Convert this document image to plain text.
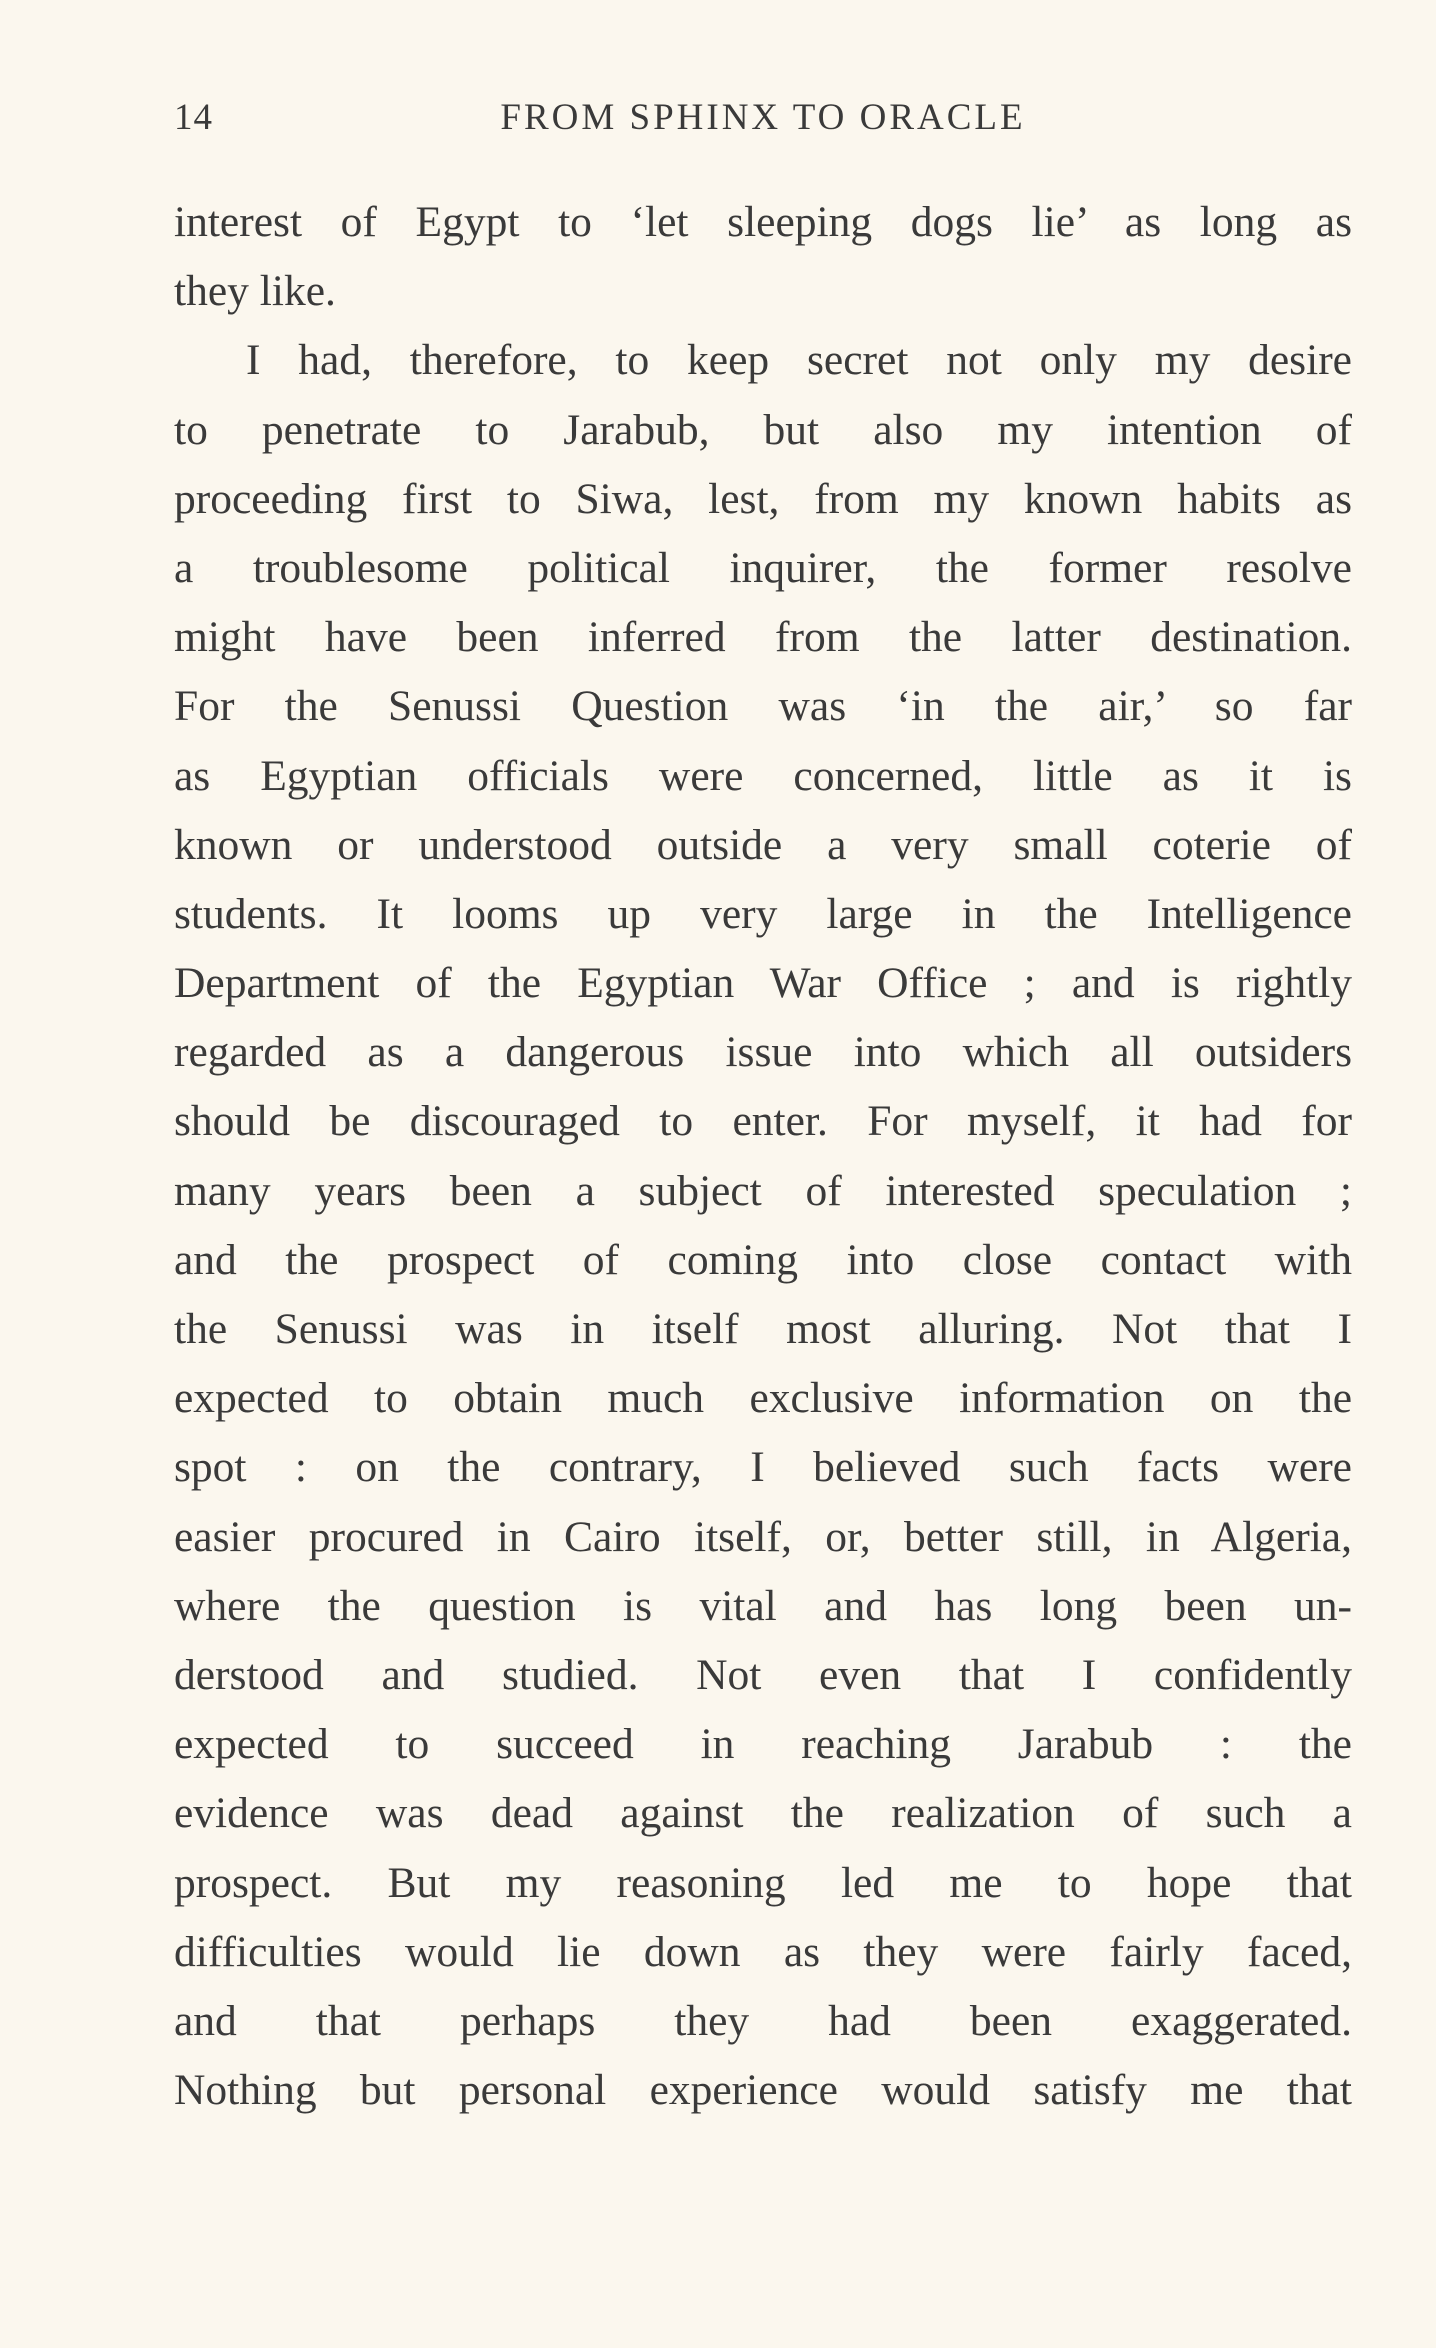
14	FROM SPHINX TO ORACLE
interest of Egypt to ‘let sleeping dogs lie’ as long as
they like.
I had, therefore, to keep secret not only my desire
to penetrate to Jarabub, but also my intention of
proceeding first to Siwa, lest, from my known habits as
a troublesome political inquirer, the former resolve
might have been inferred from the latter destination.
For the Senussi Question was ‘in the air,’ so far
as Egyptian officials were concerned, little as it is
known or understood outside a very small coterie of
students. It looms up very large in the Intelligence
Department of the Egyptian War Office ; and is rightly
regarded as a dangerous issue into which all outsiders
should be discouraged to enter. For myself, it had for
many years been a subject of interested speculation ;
and the prospect of coming into close contact with
the Senussi was in itself most alluring. Not that I
expected to obtain much exclusive information on the
spot : on the contrary, I believed such facts were
easier procured in Cairo itself, or, better still, in Algeria,
where the question is vital and has long been un-
derstood and studied. Not even that I confidently
expected to succeed in reaching Jarabub : the
evidence was dead against the realization of such a
prospect. But my reasoning led me to hope that
difficulties would lie down as they were fairly faced,
and that perhaps they had been exaggerated.
Nothing but personal experience would satisfy me that
